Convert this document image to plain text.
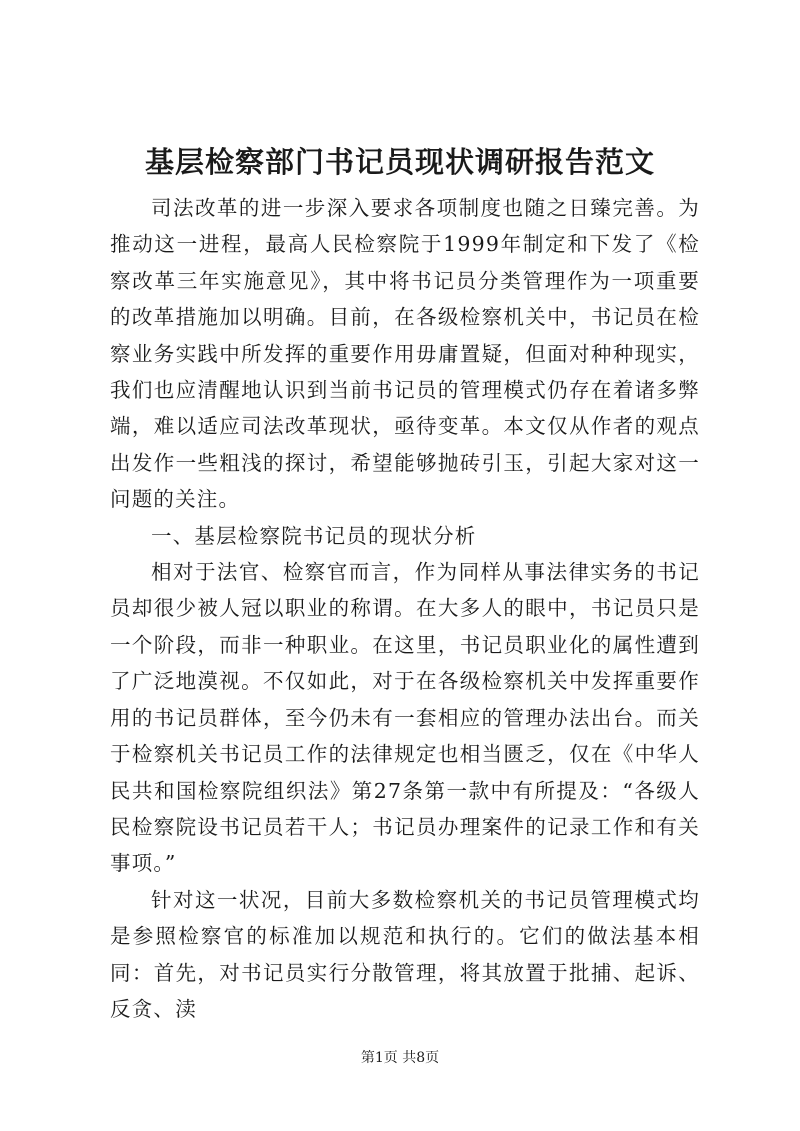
基层检察部门书记员现状调研报告范文

司法改革的进一步深入要求各项制度也随之日臻完善。为推动这一进程，最高人民检察院于1999年制定和下发了《检察改革三年实施意见》，其中将书记员分类管理作为一项重要的改革措施加以明确。目前，在各级检察机关中，书记员在检察业务实践中所发挥的重要作用毋庸置疑，但面对种种现实，我们也应清醒地认识到当前书记员的管理模式仍存在着诸多弊端，难以适应司法改革现状，亟待变革。本文仅从作者的观点出发作一些粗浅的探讨，希望能够抛砖引玉，引起大家对这一问题的关注。

一、基层检察院书记员的现状分析

相对于法官、检察官而言，作为同样从事法律实务的书记员却很少被人冠以职业的称谓。在大多人的眼中，书记员只是一个阶段，而非一种职业。在这里，书记员职业化的属性遭到了广泛地漠视。不仅如此，对于在各级检察机关中发挥重要作用的书记员群体，至今仍未有一套相应的管理办法出台。而关于检察机关书记员工作的法律规定也相当匮乏，仅在《中华人民共和国检察院组织法》第27条第一款中有所提及：“各级人民检察院设书记员若干人；书记员办理案件的记录工作和有关事项。”

针对这一状况，目前大多数检察机关的书记员管理模式均是参照检察官的标准加以规范和执行的。它们的做法基本相同：首先，对书记员实行分散管理，将其放置于批捕、起诉、反贪、渎

第1页 共8页
